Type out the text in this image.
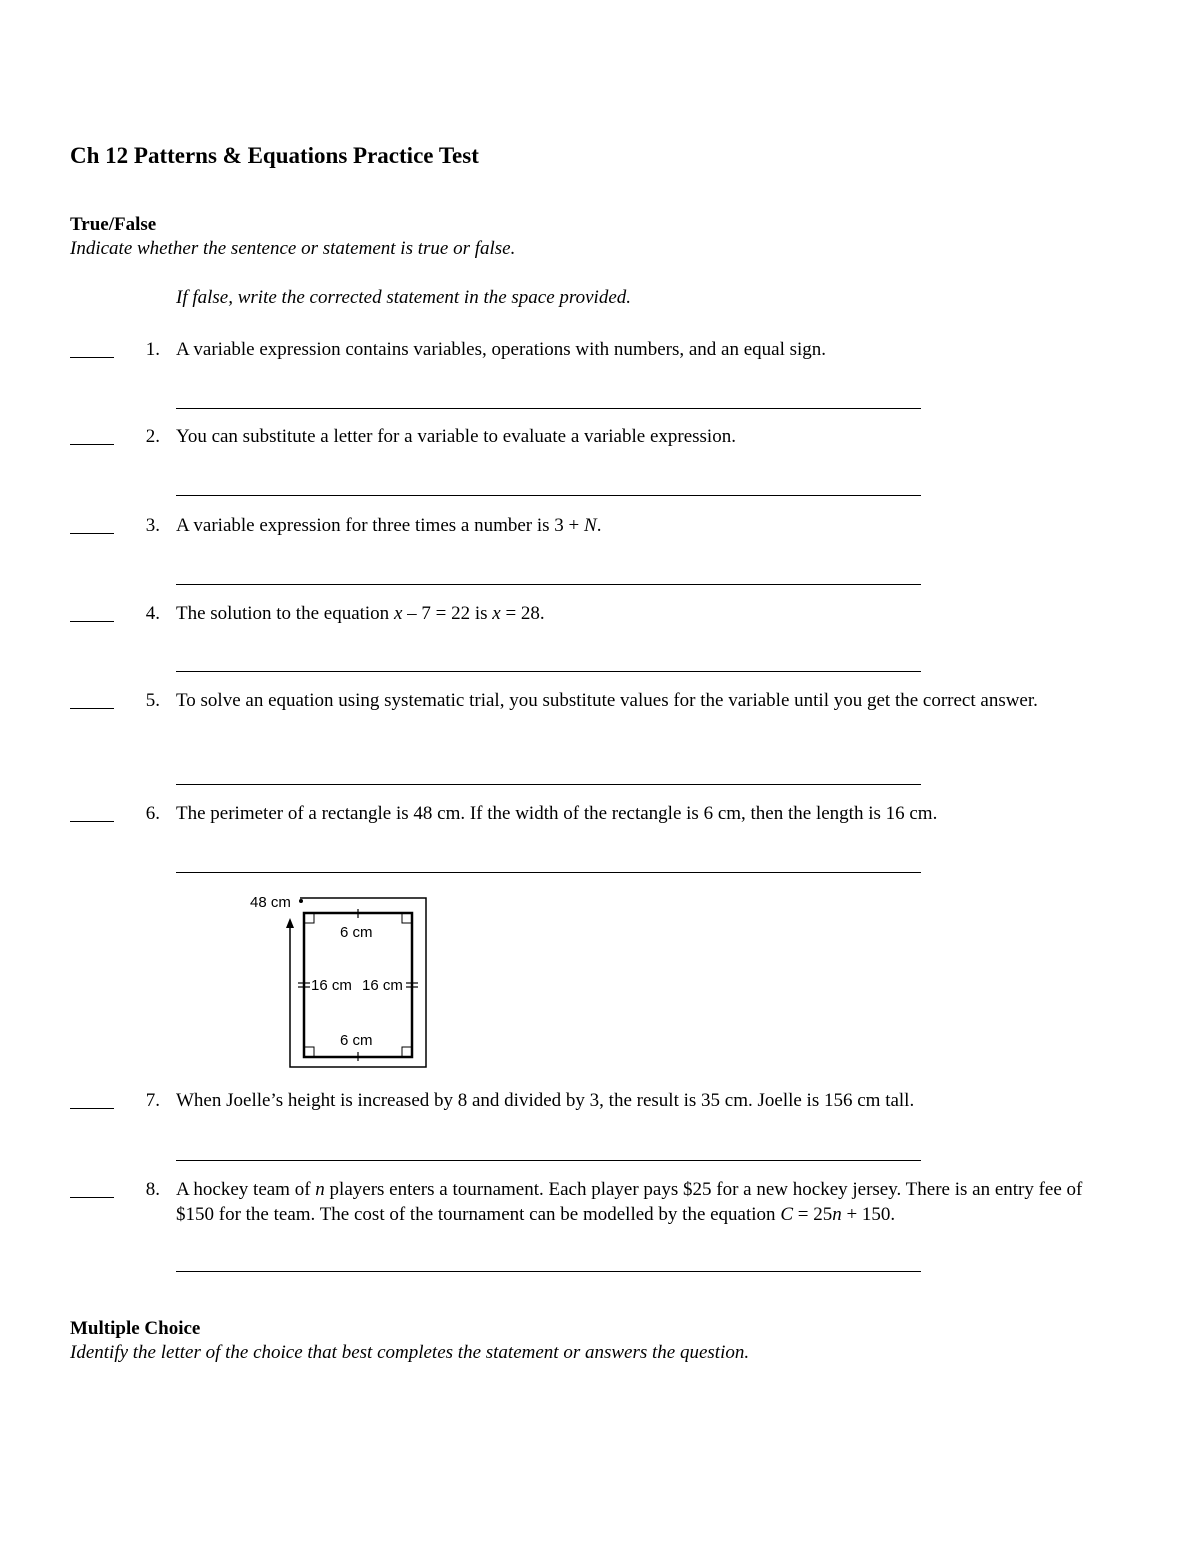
Ch 12 Patterns & Equations Practice Test
True/False
Indicate whether the sentence or statement is true or false.
If false, write the corrected statement in the space provided.
1. A variable expression contains variables, operations with numbers, and an equal sign.
2. You can substitute a letter for a variable to evaluate a variable expression.
3. A variable expression for three times a number is 3 + N.
4. The solution to the equation x – 7 = 22 is x = 28.
5. To solve an equation using systematic trial, you substitute values for the variable until you get the correct answer.
6. The perimeter of a rectangle is 48 cm. If the width of the rectangle is 6 cm, then the length is 16 cm.
48 cm
6 cm
6 cm
16 cm 16 cm
7. When Joelle’s height is increased by 8 and divided by 3, the result is 35 cm. Joelle is 156 cm tall.
8. A hockey team of n players enters a tournament. Each player pays $25 for a new hockey jersey. There is an entry fee of $150 for the team. The cost of the tournament can be modelled by the equation C = 25n + 150.
Multiple Choice
Identify the letter of the choice that best completes the statement or answers the question.
